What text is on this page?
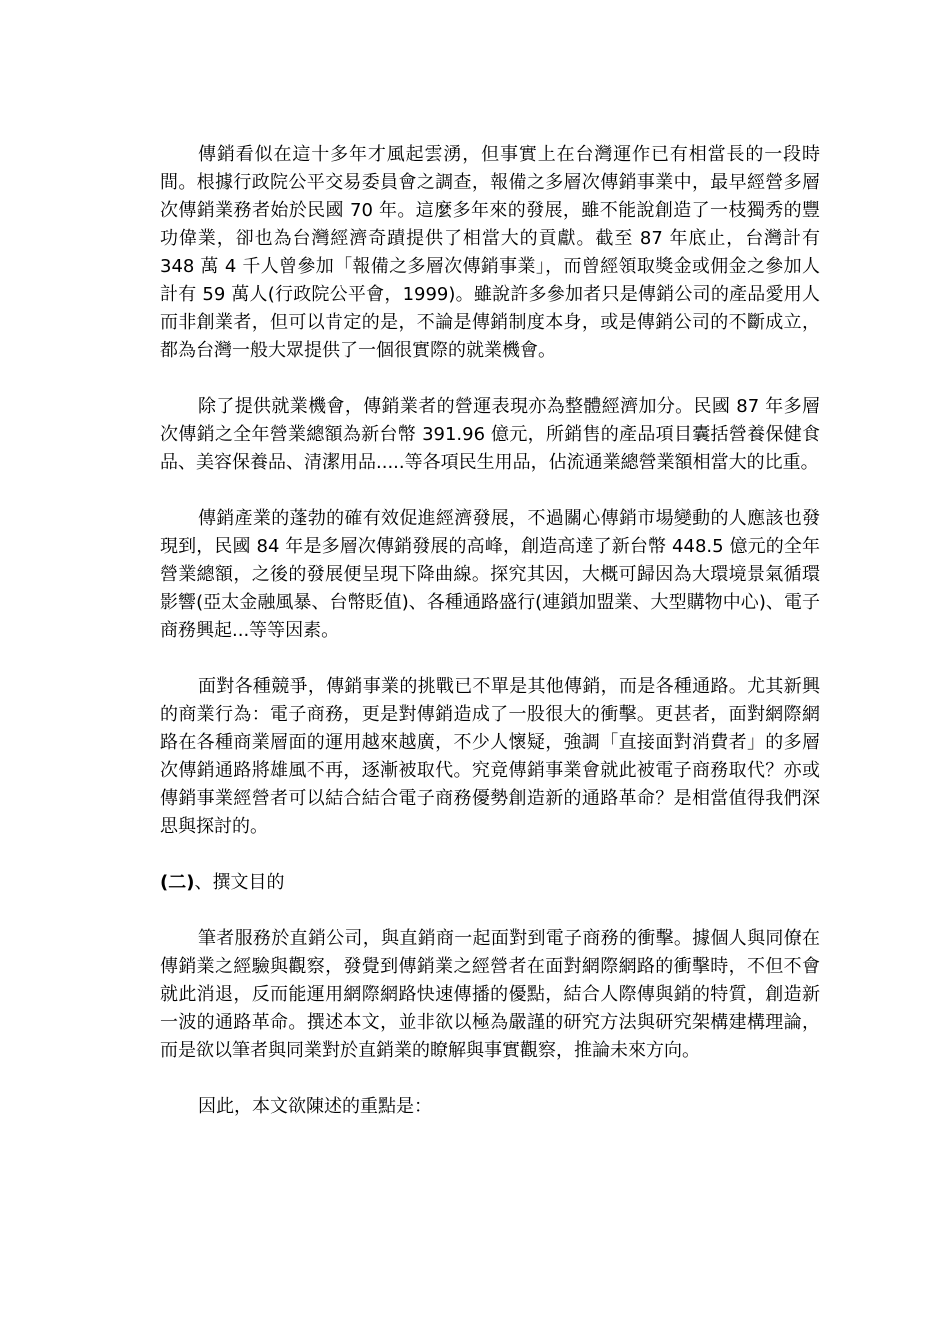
傳銷看似在這十多年才風起雲湧，但事實上在台灣運作已有相當長的一段時間。根據行政院公平交易委員會之調查，報備之多層次傳銷事業中，最早經營多層次傳銷業務者始於民國 70 年。這麼多年來的發展，雖不能說創造了一枝獨秀的豐功偉業，卻也為台灣經濟奇蹟提供了相當大的貢獻。截至 87 年底止，台灣計有 348 萬 4 千人曾參加「報備之多層次傳銷事業」，而曾經領取獎金或佣金之參加人計有 59 萬人(行政院公平會，1999)。雖說許多參加者只是傳銷公司的產品愛用人而非創業者，但可以肯定的是，不論是傳銷制度本身，或是傳銷公司的不斷成立，都為台灣一般大眾提供了一個很實際的就業機會。

除了提供就業機會，傳銷業者的營運表現亦為整體經濟加分。民國 87 年多層次傳銷之全年營業總額為新台幣 391.96 億元，所銷售的產品項目囊括營養保健食品、美容保養品、清潔用品.....等各項民生用品，佔流通業總營業額相當大的比重。

傳銷產業的蓬勃的確有效促進經濟發展，不過關心傳銷市場變動的人應該也發現到，民國 84 年是多層次傳銷發展的高峰，創造高達了新台幣 448.5 億元的全年營業總額，之後的發展便呈現下降曲線。探究其因，大概可歸因為大環境景氣循環影響(亞太金融風暴、台幣貶值)、各種通路盛行(連鎖加盟業、大型購物中心)、電子商務興起...等等因素。

面對各種競爭，傳銷事業的挑戰已不單是其他傳銷，而是各種通路。尤其新興的商業行為：電子商務，更是對傳銷造成了一股很大的衝擊。更甚者，面對網際網路在各種商業層面的運用越來越廣，不少人懷疑，強調「直接面對消費者」的多層次傳銷通路將雄風不再，逐漸被取代。究竟傳銷事業會就此被電子商務取代？亦或傳銷事業經營者可以結合結合電子商務優勢創造新的通路革命？是相當值得我們深思與探討的。

(二)、撰文目的

筆者服務於直銷公司，與直銷商一起面對到電子商務的衝擊。據個人與同僚在傳銷業之經驗與觀察，發覺到傳銷業之經營者在面對網際網路的衝擊時，不但不會就此消退，反而能運用網際網路快速傳播的優點，結合人際傳與銷的特質，創造新一波的通路革命。撰述本文，並非欲以極為嚴謹的研究方法與研究架構建構理論，而是欲以筆者與同業對於直銷業的瞭解與事實觀察，推論未來方向。

因此，本文欲陳述的重點是：
